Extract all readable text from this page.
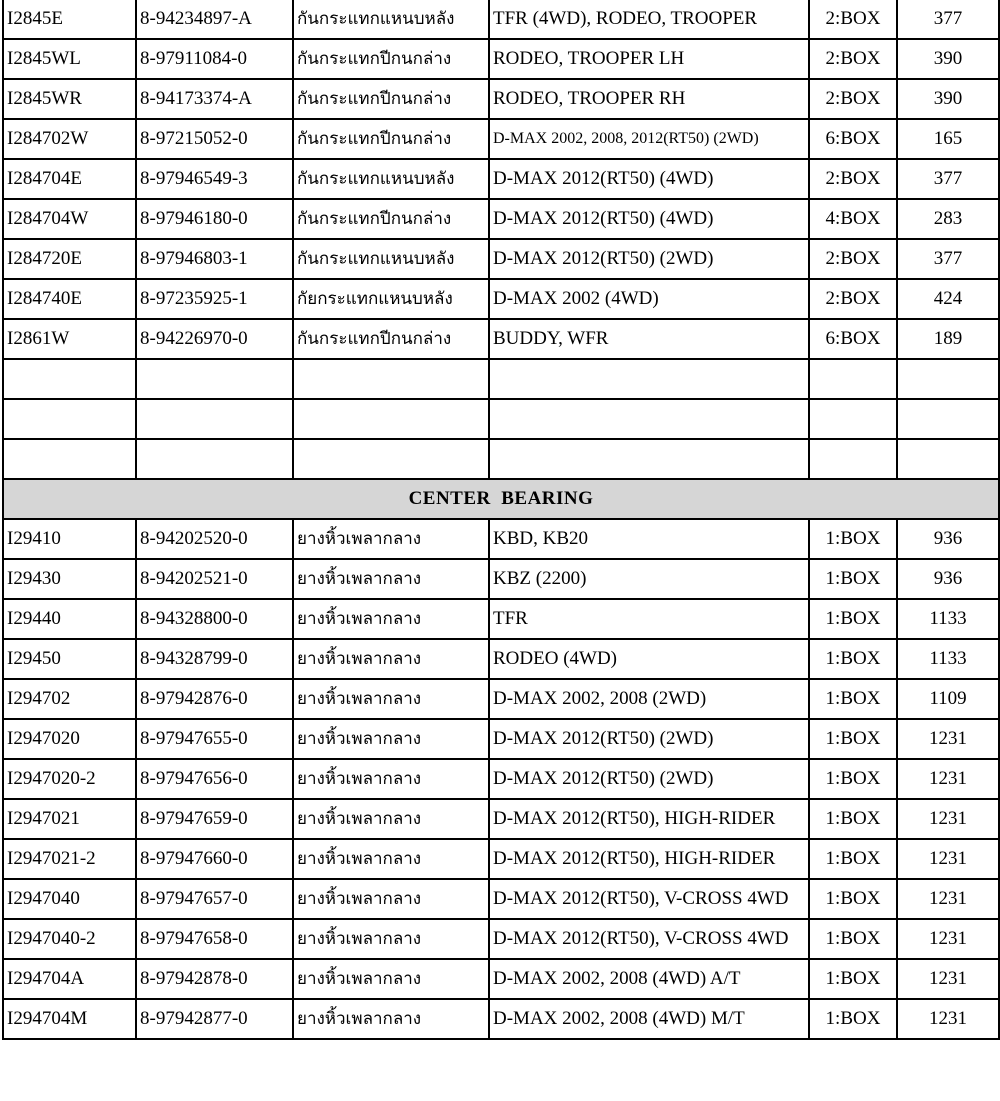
I2845E	8-94234897-A	กันกระแทกแหนบหลัง	TFR (4WD), RODEO, TROOPER	2:BOX	377
I2845WL	8-97911084-0	กันกระแทกปีกนกล่าง	RODEO, TROOPER LH	2:BOX	390
I2845WR	8-94173374-A	กันกระแทกปีกนกล่าง	RODEO, TROOPER RH	2:BOX	390
I284702W	8-97215052-0	กันกระแทกปีกนกล่าง	D-MAX 2002, 2008, 2012(RT50) (2WD)	6:BOX	165
I284704E	8-97946549-3	กันกระแทกแหนบหลัง	D-MAX 2012(RT50) (4WD)	2:BOX	377
I284704W	8-97946180-0	กันกระแทกปีกนกล่าง	D-MAX 2012(RT50) (4WD)	4:BOX	283
I284720E	8-97946803-1	กันกระแทกแหนบหลัง	D-MAX 2012(RT50) (2WD)	2:BOX	377
I284740E	8-97235925-1	กัยกระแทกแหนบหลัง	D-MAX 2002 (4WD)	2:BOX	424
I2861W	8-94226970-0	กันกระแทกปีกนกล่าง	BUDDY, WFR	6:BOX	189

CENTER  BEARING					
I29410	8-94202520-0	ยางหิ้วเพลากลาง	KBD, KB20	1:BOX	936
I29430	8-94202521-0	ยางหิ้วเพลากลาง	KBZ (2200)	1:BOX	936
I29440	8-94328800-0	ยางหิ้วเพลากลาง	TFR	1:BOX	1133
I29450	8-94328799-0	ยางหิ้วเพลากลาง	RODEO (4WD)	1:BOX	1133
I294702	8-97942876-0	ยางหิ้วเพลากลาง	D-MAX 2002, 2008 (2WD)	1:BOX	1109
I2947020	8-97947655-0	ยางหิ้วเพลากลาง	D-MAX 2012(RT50) (2WD)	1:BOX	1231
I2947020-2	8-97947656-0	ยางหิ้วเพลากลาง	D-MAX 2012(RT50) (2WD)	1:BOX	1231
I2947021	8-97947659-0	ยางหิ้วเพลากลาง	D-MAX 2012(RT50), HIGH-RIDER	1:BOX	1231
I2947021-2	8-97947660-0	ยางหิ้วเพลากลาง	D-MAX 2012(RT50), HIGH-RIDER	1:BOX	1231
I2947040	8-97947657-0	ยางหิ้วเพลากลาง	D-MAX 2012(RT50), V-CROSS 4WD	1:BOX	1231
I2947040-2	8-97947658-0	ยางหิ้วเพลากลาง	D-MAX 2012(RT50), V-CROSS 4WD	1:BOX	1231
I294704A	8-97942878-0	ยางหิ้วเพลากลาง	D-MAX 2002, 2008 (4WD) A/T	1:BOX	1231
I294704M	8-97942877-0	ยางหิ้วเพลากลาง	D-MAX 2002, 2008 (4WD) M/T	1:BOX	1231
